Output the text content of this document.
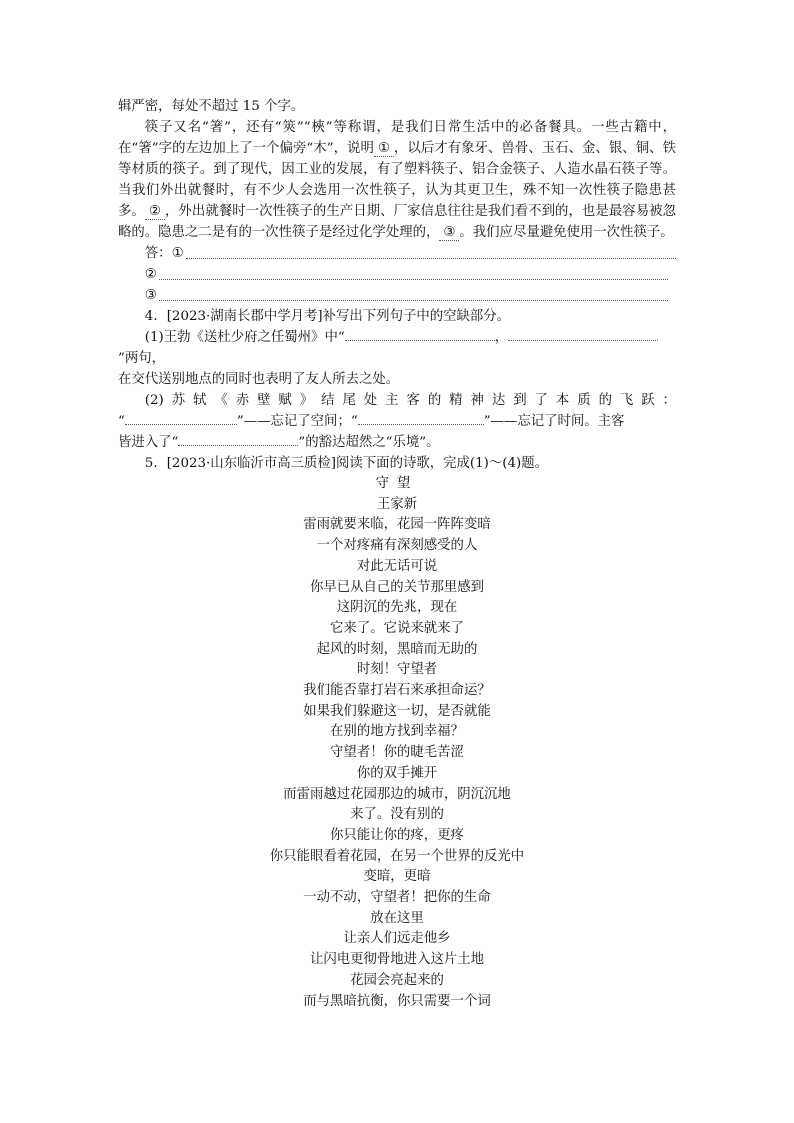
辑严密，每处不超过 15 个字。

筷子又名“箸”，还有“筴”“梜”等称谓，是我们日常生活中的必备餐具。一些古籍中，在“箸”字的左边加上了一个偏旁“木”，说明 ① ，以后才有象牙、兽骨、玉石、金、银、铜、铁等材质的筷子。到了现代，因工业的发展，有了塑料筷子、铝合金筷子、人造水晶石筷子等。当我们外出就餐时，有不少人会选用一次性筷子，认为其更卫生，殊不知一次性筷子隐患甚多。 ② ，外出就餐时一次性筷子的生产日期、厂家信息往往是我们看不到的，也是最容易被忽略的。隐患之二是有的一次性筷子是经过化学处理的， ③ 。我们应尽量避免使用一次性筷子。

答： ①
②
③

4．[2023·湖南长郡中学月考]补写出下列句子中的空缺部分。

(1)王勃《送杜少府之任蜀州》中“	，”两句，

在交代送别地点的同时也表明了友人所去之处。

(2)苏轼《赤壁赋》结尾处主客的精神达到了本质的飞跃：

“	”——忘记了空间；“	”——忘记了时间。主客

皆进入了“	”的豁达超然之“乐境”。

5．[2023·山东临沂市高三质检]阅读下面的诗歌，完成(1)～(4)题。

守望

王家新

雷雨就要来临，花园一阵阵变暗

一个对疼痛有深刻感受的人

对此无话可说

你早已从自己的关节那里感到

这阴沉的先兆，现在

它来了。它说来就来了

起风的时刻，黑暗而无助的

时刻！守望者

我们能否靠打岩石来承担命运？

如果我们躲避这一切，是否就能

在别的地方找到幸福？

守望者！你的睫毛苦涩

你的双手摊开

而雷雨越过花园那边的城市，阴沉沉地

来了。没有别的

你只能让你的疼，更疼

你只能眼看着花园，在另一个世界的反光中

变暗，更暗

一动不动，守望者！把你的生命

放在这里

让亲人们远走他乡

让闪电更彻骨地进入这片土地

花园会亮起来的

而与黑暗抗衡，你只需要一个词
